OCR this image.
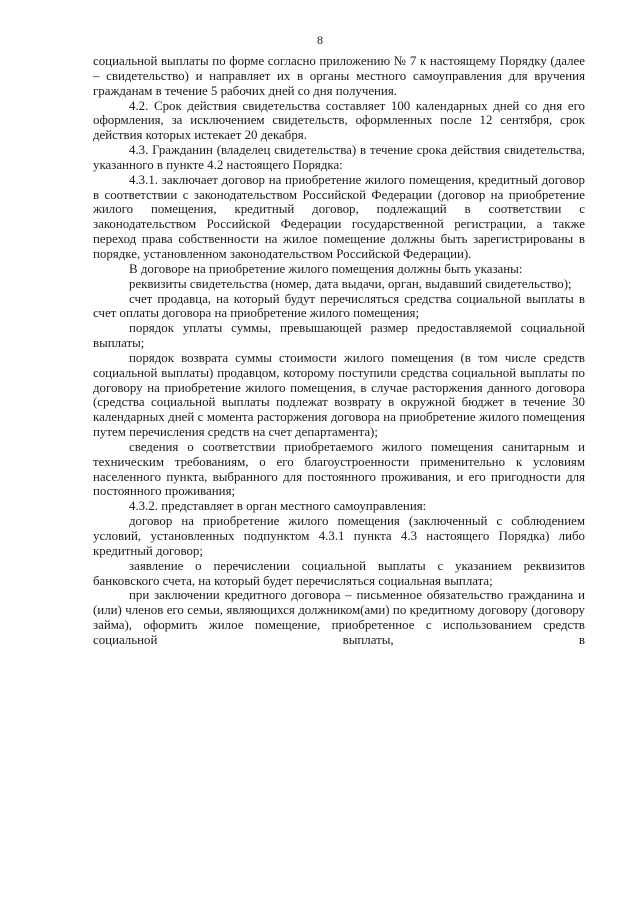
8

социальной выплаты по форме согласно приложению № 7 к настоящему Порядку (далее – свидетельство) и направляет их в органы местного самоуправления для вручения гражданам в течение 5 рабочих дней со дня получения.

4.2. Срок действия свидетельства составляет 100 календарных дней со дня его оформления, за исключением свидетельств, оформленных после 12 сентября, срок действия которых истекает 20 декабря.

4.3. Гражданин (владелец свидетельства) в течение срока действия свидетельства, указанного в пункте 4.2 настоящего Порядка:

4.3.1. заключает договор на приобретение жилого помещения, кредитный договор в соответствии с законодательством Российской Федерации (договор на приобретение жилого помещения, кредитный договор, подлежащий в соответствии с законодательством Российской Федерации государственной регистрации, а также переход права собственности на жилое помещение должны быть зарегистрированы в порядке, установленном законодательством Российской Федерации).

В договоре на приобретение жилого помещения должны быть указаны:

реквизиты свидетельства (номер, дата выдачи, орган, выдавший свидетельство);

счет продавца, на который будут перечисляться средства социальной выплаты в счет оплаты договора на приобретение жилого помещения;

порядок уплаты суммы, превышающей размер предоставляемой социальной выплаты;

порядок возврата суммы стоимости жилого помещения (в том числе средств социальной выплаты) продавцом, которому поступили средства социальной выплаты по договору на приобретение жилого помещения, в случае расторжения данного договора (средства социальной выплаты подлежат возврату в окружной бюджет в течение 30 календарных дней с момента расторжения договора на приобретение жилого помещения путем перечисления средств на счет департамента);

сведения о соответствии приобретаемого жилого помещения санитарным и техническим требованиям, о его благоустроенности применительно к условиям населенного пункта, выбранного для постоянного проживания, и его пригодности для постоянного проживания;

4.3.2. представляет в орган местного самоуправления:

договор на приобретение жилого помещения (заключенный с соблюдением условий, установленных подпунктом 4.3.1 пункта 4.3 настоящего Порядка) либо кредитный договор;

заявление о перечислении социальной выплаты с указанием реквизитов банковского счета, на который будет перечисляться социальная выплата;

при заключении кредитного договора – письменное обязательство гражданина и (или) членов его семьи, являющихся должником(ами) по кредитному договору (договору займа), оформить жилое помещение, приобретенное с использованием средств социальной выплаты, в
